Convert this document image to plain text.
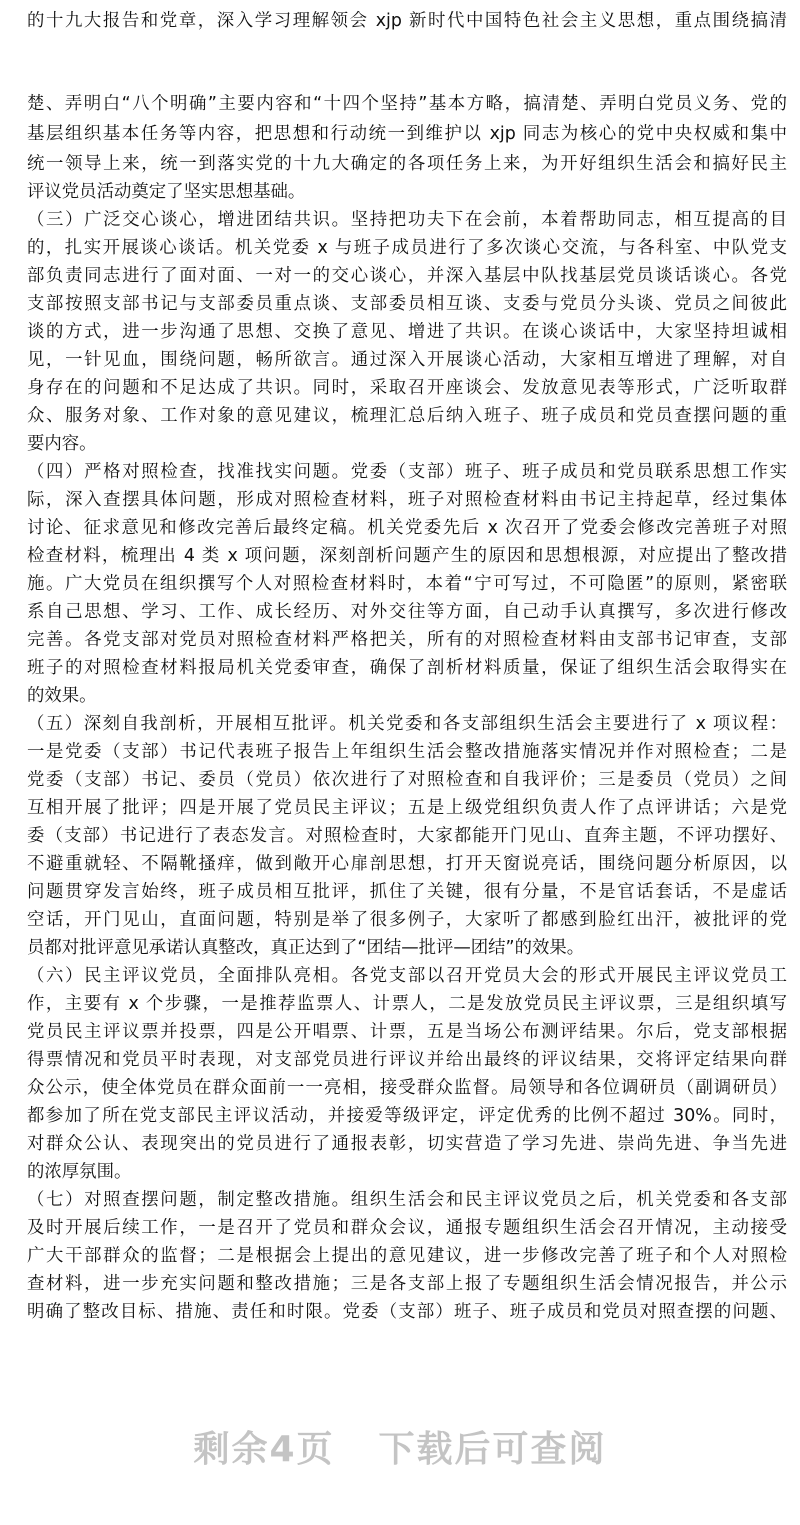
的十九大报告和党章，深入学习理解领会 xjp 新时代中国特色社会主义思想，重点围绕搞清
楚、弄明白“八个明确”主要内容和“十四个坚持”基本方略，搞清楚、弄明白党员义务、党的
基层组织基本任务等内容，把思想和行动统一到维护以 xjp 同志为核心的党中央权威和集中
统一领导上来，统一到落实党的十九大确定的各项任务上来，为开好组织生活会和搞好民主
评议党员活动奠定了坚实思想基础。
（三）广泛交心谈心，增进团结共识。坚持把功夫下在会前，本着帮助同志，相互提高的目
的，扎实开展谈心谈话。机关党委 x 与班子成员进行了多次谈心交流，与各科室、中队党支
部负责同志进行了面对面、一对一的交心谈心，并深入基层中队找基层党员谈话谈心。各党
支部按照支部书记与支部委员重点谈、支部委员相互谈、支委与党员分头谈、党员之间彼此
谈的方式，进一步沟通了思想、交换了意见、增进了共识。在谈心谈话中，大家坚持坦诚相
见，一针见血，围绕问题，畅所欲言。通过深入开展谈心活动，大家相互增进了理解，对自
身存在的问题和不足达成了共识。同时，采取召开座谈会、发放意见表等形式，广泛听取群
众、服务对象、工作对象的意见建议，梳理汇总后纳入班子、班子成员和党员查摆问题的重
要内容。
（四）严格对照检查，找准找实问题。党委（支部）班子、班子成员和党员联系思想工作实
际，深入查摆具体问题，形成对照检查材料，班子对照检查材料由书记主持起草，经过集体
讨论、征求意见和修改完善后最终定稿。机关党委先后 x 次召开了党委会修改完善班子对照
检查材料，梳理出 4 类 x 项问题，深刻剖析问题产生的原因和思想根源，对应提出了整改措
施。广大党员在组织撰写个人对照检查材料时，本着“宁可写过，不可隐匿”的原则，紧密联
系自己思想、学习、工作、成长经历、对外交往等方面，自己动手认真撰写，多次进行修改
完善。各党支部对党员对照检查材料严格把关，所有的对照检查材料由支部书记审查，支部
班子的对照检查材料报局机关党委审查，确保了剖析材料质量，保证了组织生活会取得实在
的效果。
（五）深刻自我剖析，开展相互批评。机关党委和各支部组织生活会主要进行了 x 项议程：
一是党委（支部）书记代表班子报告上年组织生活会整改措施落实情况并作对照检查；二是
党委（支部）书记、委员（党员）依次进行了对照检查和自我评价；三是委员（党员）之间
互相开展了批评；四是开展了党员民主评议；五是上级党组织负责人作了点评讲话；六是党
委（支部）书记进行了表态发言。对照检查时，大家都能开门见山、直奔主题，不评功摆好、
不避重就轻、不隔靴搔痒，做到敞开心扉剖思想，打开天窗说亮话，围绕问题分析原因，以
问题贯穿发言始终，班子成员相互批评，抓住了关键，很有分量，不是官话套话，不是虚话
空话，开门见山，直面问题，特别是举了很多例子，大家听了都感到脸红出汗，被批评的党
员都对批评意见承诺认真整改，真正达到了“团结—批评—团结”的效果。
（六）民主评议党员，全面排队亮相。各党支部以召开党员大会的形式开展民主评议党员工
作，主要有 x 个步骤，一是推荐监票人、计票人，二是发放党员民主评议票，三是组织填写
党员民主评议票并投票，四是公开唱票、计票，五是当场公布测评结果。尔后，党支部根据
得票情况和党员平时表现，对支部党员进行评议并给出最终的评议结果，交将评定结果向群
众公示，使全体党员在群众面前一一亮相，接受群众监督。局领导和各位调研员（副调研员）
都参加了所在党支部民主评议活动，并接爱等级评定，评定优秀的比例不超过 30%。同时，
对群众公认、表现突出的党员进行了通报表彰，切实营造了学习先进、崇尚先进、争当先进
的浓厚氛围。
（七）对照查摆问题，制定整改措施。组织生活会和民主评议党员之后，机关党委和各支部
及时开展后续工作，一是召开了党员和群众会议，通报专题组织生活会召开情况，主动接受
广大干部群众的监督；二是根据会上提出的意见建议，进一步修改完善了班子和个人对照检
查材料，进一步充实问题和整改措施；三是各支部上报了专题组织生活会情况报告，并公示
明确了整改目标、措施、责任和时限。党委（支部）班子、班子成员和党员对照查摆的问题、
剩余4页 下载后可查阅
